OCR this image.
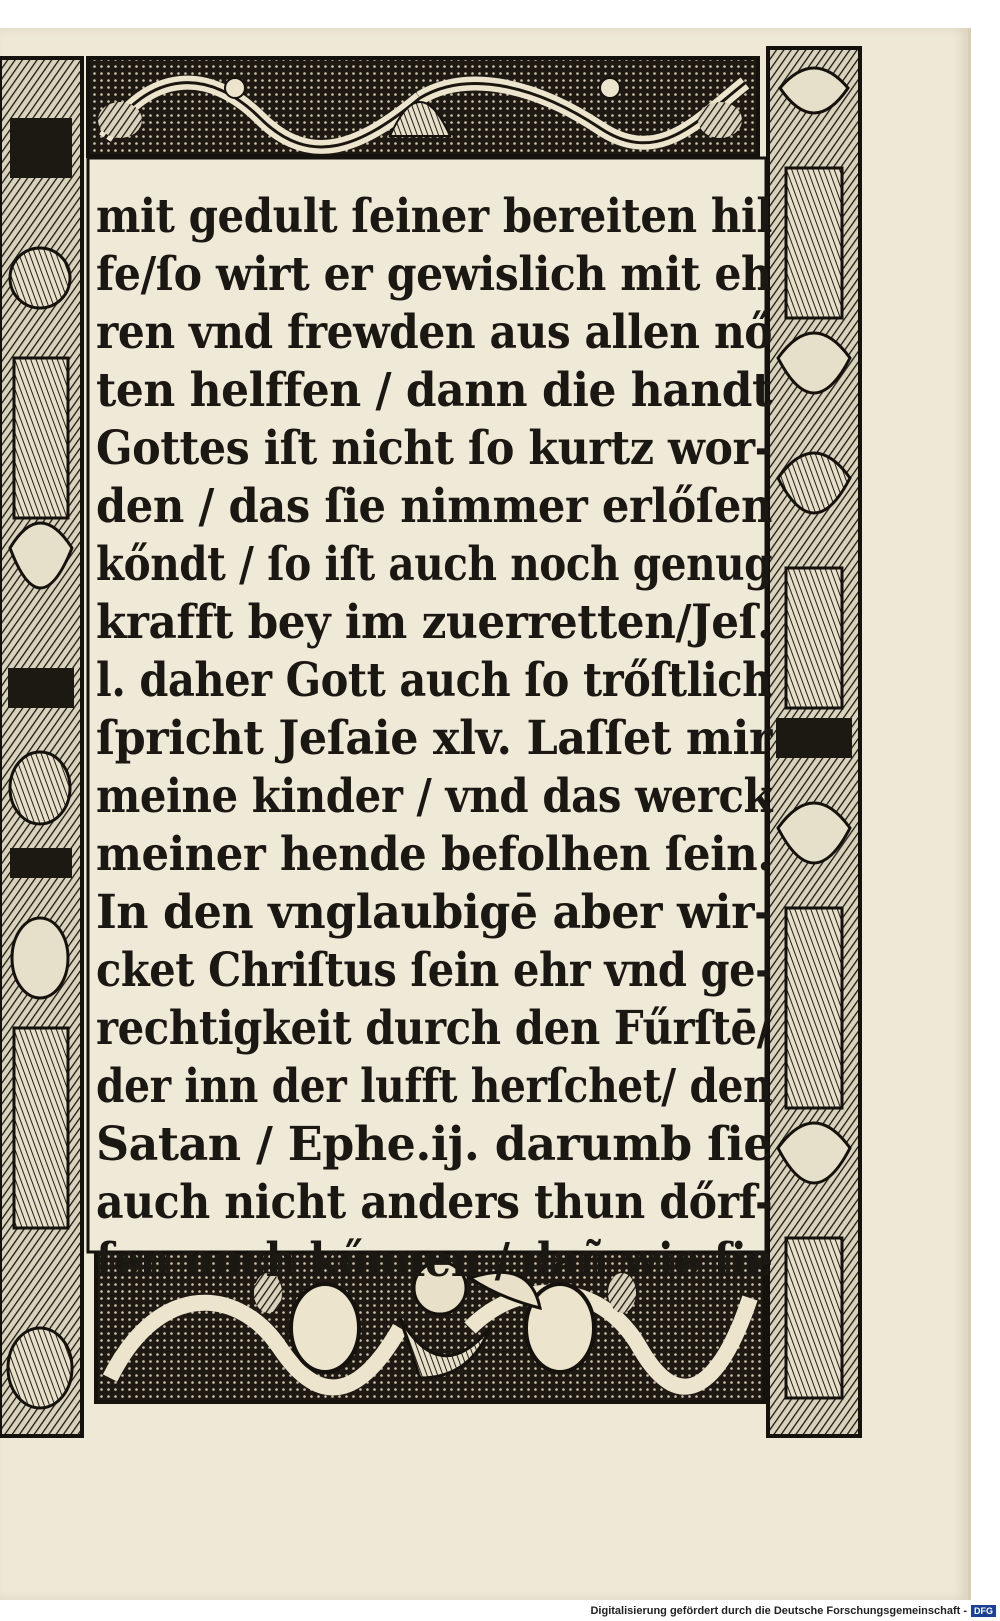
mit gedult ſeiner bereiten hil
fe/ſo wirt er gewislich mit eh
ren vnd frewden aus allen nő
ten helffen / dann die handt
Gottes iſt nicht ſo kurtz wor-
den / das ſie nimmer erlőſen
kőndt / ſo iſt auch noch genug
krafft bey im zuerretten/Jeſ.
l. daher Gott auch ſo trőſtlich
ſpricht Jeſaie xlv. Laſſet mir
meine kinder / vnd das werck
meiner hende befolhen ſein.
In den vnglaubigē aber wir-
cket Chriſtus ſein ehr vnd ge-
rechtigkeit durch den Fűrſtē/
der inn der lufft herſchet/ den
Satan / Ephe.ij. darumb ſie
auch nicht anders thun dőrf-
fen noch kőnnen / dañ wie ſie
Digitalisierung gefördert durch die Deutsche Forschungsgemeinschaft - DFG
